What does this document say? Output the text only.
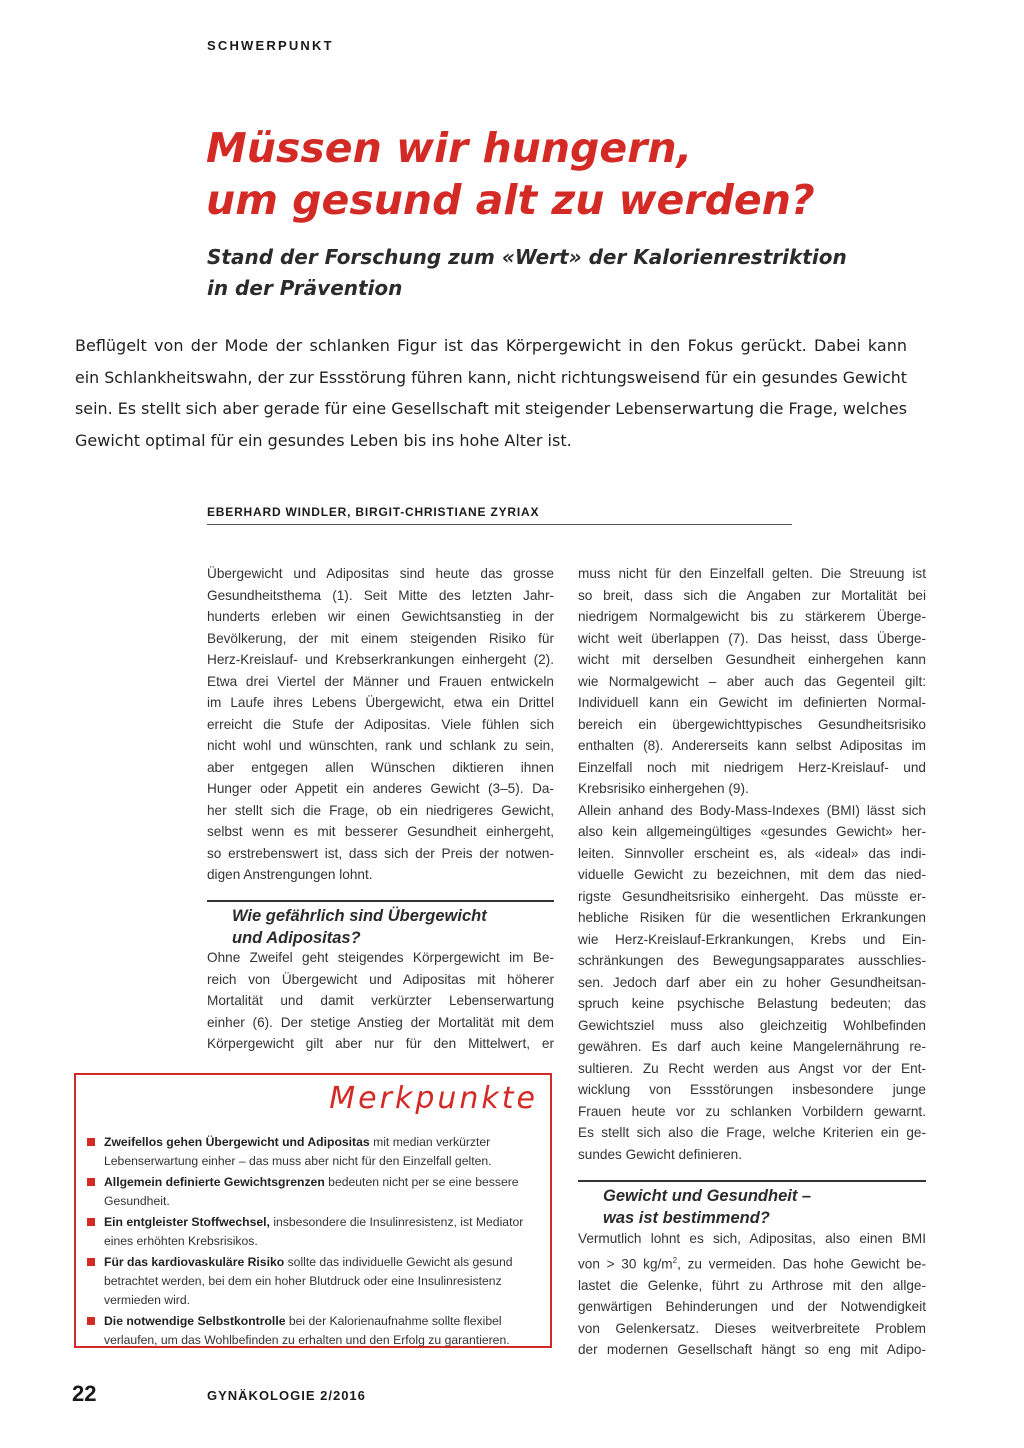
SCHWERPUNKT
Müssen wir hungern,
um gesund alt zu werden?
Stand der Forschung zum «Wert» der Kalorienrestriktion
in der Prävention

Beflügelt von der Mode der schlanken Figur ist das Körpergewicht in den Fokus gerückt. Dabei kann
ein Schlankheitswahn, der zur Essstörung führen kann, nicht richtungsweisend für ein gesundes Gewicht
sein. Es stellt sich aber gerade für eine Gesellschaft mit steigender Lebenserwartung die Frage, welches
Gewicht optimal für ein gesundes Leben bis ins hohe Alter ist.

EBERHARD WINDLER, BIRGIT-CHRISTIANE ZYRIAX
Übergewicht und Adipositas sind heute das grosse
Gesundheitsthema (1). Seit Mitte des letzten Jahr-
hunderts erleben wir einen Gewichtsanstieg in der
Bevölkerung, der mit einem steigenden Risiko für
Herz-Kreislauf- und Krebserkrankungen einhergeht (2).
Etwa drei Viertel der Männer und Frauen entwickeln
im Laufe ihres Lebens Übergewicht, etwa ein Drittel
erreicht die Stufe der Adipositas. Viele fühlen sich
nicht wohl und wünschten, rank und schlank zu sein,
aber entgegen allen Wünschen diktieren ihnen
Hunger oder Appetit ein anderes Gewicht (3–5). Da-
her stellt sich die Frage, ob ein niedrigeres Gewicht,
selbst wenn es mit besserer Gesundheit einhergeht,
so erstrebenswert ist, dass sich der Preis der notwen-
digen Anstrengungen lohnt.
Wie gefährlich sind Übergewicht
und Adipositas?
Ohne Zweifel geht steigendes Körpergewicht im Be-
reich von Übergewicht und Adipositas mit höherer
Mortalität und damit verkürzter Lebenserwartung
einher (6). Der stetige Anstieg der Mortalität mit dem
Körpergewicht gilt aber nur für den Mittelwert, er
muss nicht für den Einzelfall gelten. Die Streuung ist
so breit, dass sich die Angaben zur Mortalität bei
niedrigem Normalgewicht bis zu stärkerem Überge-
wicht weit überlappen (7). Das heisst, dass Überge-
wicht mit derselben Gesundheit einhergehen kann
wie Normalgewicht – aber auch das Gegenteil gilt:
Individuell kann ein Gewicht im definierten Normal-
bereich ein übergewichttypisches Gesundheitsrisiko
enthalten (8). Andererseits kann selbst Adipositas im
Einzelfall noch mit niedrigem Herz-Kreislauf- und
Krebsrisiko einhergehen (9).
Allein anhand des Body-Mass-Indexes (BMI) lässt sich
also kein allgemeingültiges «gesundes Gewicht» her-
leiten. Sinnvoller erscheint es, als «ideal» das indi-
viduelle Gewicht zu bezeichnen, mit dem das nied-
rigste Gesundheitsrisiko einhergeht. Das müsste er-
hebliche Risiken für die wesentlichen Erkrankungen
wie Herz-Kreislauf-Erkrankungen, Krebs und Ein-
schränkungen des Bewegungsapparates ausschlies-
sen. Jedoch darf aber ein zu hoher Gesundheitsan-
spruch keine psychische Belastung bedeuten; das
Gewichtsziel muss also gleichzeitig Wohlbefinden
gewähren. Es darf auch keine Mangelernährung re-
sultieren. Zu Recht werden aus Angst vor der Ent-
wicklung von Essstörungen insbesondere junge
Frauen heute vor zu schlanken Vorbildern gewarnt.
Es stellt sich also die Frage, welche Kriterien ein ge-
sundes Gewicht definieren.
Gewicht und Gesundheit –
was ist bestimmend?
Vermutlich lohnt es sich, Adipositas, also einen BMI
von > 30 $kg/m^2$, zu vermeiden. Das hohe Gewicht be-
lastet die Gelenke, führt zu Arthrose mit den allge-
genwärtigen Behinderungen und der Notwendigkeit
von Gelenkersatz. Dieses weitverbreitete Problem
der modernen Gesellschaft hängt so eng mit Adipo-
Merkpunkte
Zweifellos gehen Übergewicht und Adipositas mit median verkürzter Lebenserwartung einher – das muss aber nicht für den Einzelfall gelten.
Allgemein definierte Gewichtsgrenzen bedeuten nicht per se eine bessere Gesundheit.
Ein entgleister Stoffwechsel, insbesondere die Insulinresistenz, ist Mediator eines erhöhten Krebsrisikos.
Für das kardiovaskuläre Risiko sollte das individuelle Gewicht als gesund betrachtet werden, bei dem ein hoher Blutdruck oder eine Insulinresistenz vermieden wird.
Die notwendige Selbstkontrolle bei der Kalorienaufnahme sollte flexibel verlaufen, um das Wohlbefinden zu erhalten und den Erfolg zu garantieren.
22	GYNÄKOLOGIE 2/2016
